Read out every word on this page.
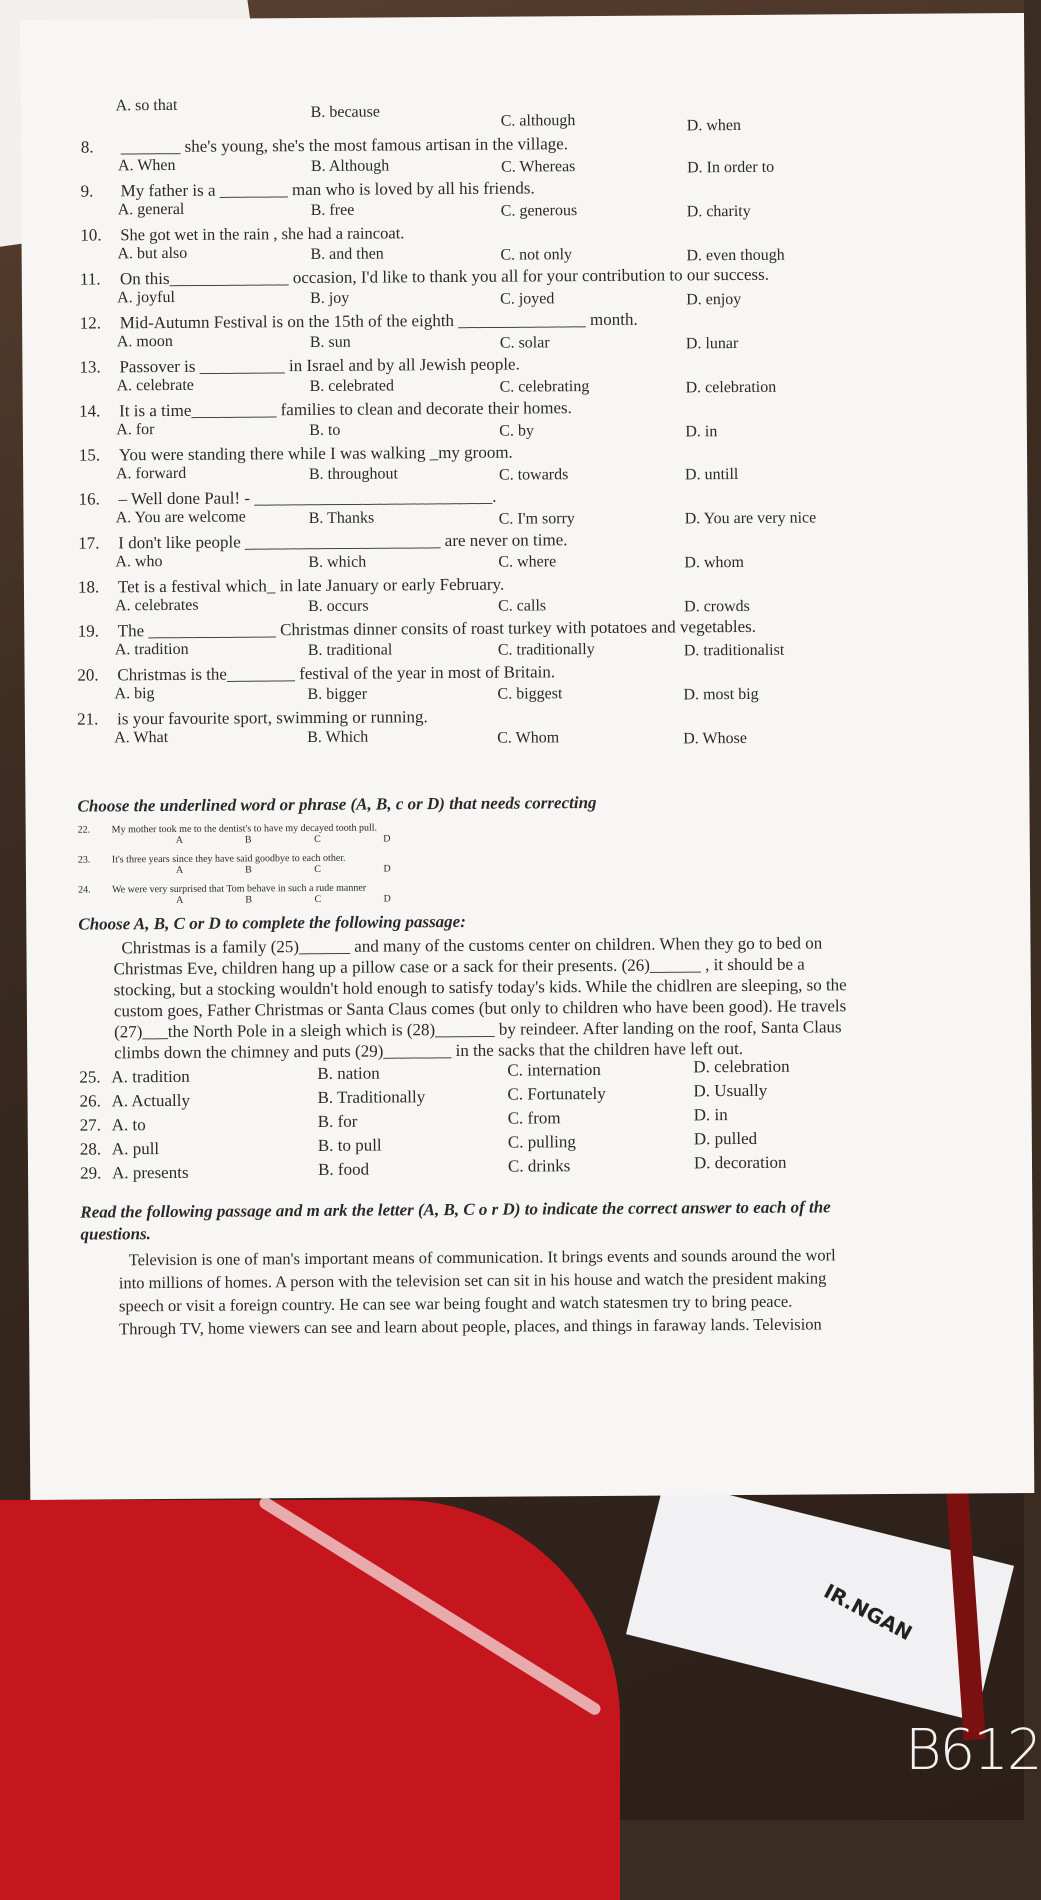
IR.NGAN
B612
A. so that	B. because	C. although	D. when
8. _______ she's young, she's the most famous artisan in the village.
A. When	B. Although	C. Whereas	D. In order to
9. My father is a ________ man who is loved by all his friends.
A. general	B. free	C. generous	D. charity
10. She got wet in the rain , she had a raincoat.
A. but also	B. and then	C. not only	D. even though
11. On this______________ occasion, I'd like to thank you all for your contribution to our success.
A. joyful	B. joy	C. joyed	D. enjoy
12. Mid-Autumn Festival is on the 15th of the eighth _______________ month.
A. moon	B. sun	C. solar	D. lunar
13. Passover is __________ in Israel and by all Jewish people.
A. celebrate	B. celebrated	C. celebrating	D. celebration
14. It is a time__________ families to clean and decorate their homes.
A. for	B. to	C. by	D. in
15. You were standing there while I was walking _my groom.
A. forward	B. throughout	C. towards	D. untill
16. – Well done Paul! - ____________________________.
A. You are welcome	B. Thanks	C. I'm sorry	D. You are very nice
17. I don't like people _______________________ are never on time.
A. who	B. which	C. where	D. whom
18. Tet is a festival which_ in late January or early February.
A. celebrates	B. occurs	C. calls	D. crowds
19. The _______________ Christmas dinner consits of roast turkey with potatoes and vegetables.
A. tradition	B. traditional	C. traditionally	D. traditionalist
20. Christmas is the________ festival of the year in most of Britain.
A. big	B. bigger	C. biggest	D. most big
21. is your favourite sport, swimming or running.
A. What	B. Which	C. Whom	D. Whose
Choose the underlined word or phrase (A, B, c or D) that needs correcting
22. My mother took me to the dentist's to have my decayed tooth pull.
A B C D
23. It's three years since they have said goodbye to each other.
A B C D
24. We were very surprised that Tom behave in such a rude manner
A B C D
Choose A, B, C or D to complete the following passage:
Christmas is a family (25)______ and many of the customs center on children. When they go to bed on
Christmas Eve, children hang up a pillow case or a sack for their presents. (26)______ , it should be a
stocking, but a stocking wouldn't hold enough to satisfy today's kids. While the chidlren are sleeping, so the
custom goes, Father Christmas or Santa Claus comes (but only to children who have been good). He travels
(27)___the North Pole in a sleigh which is (28)_______ by reindeer. After landing on the roof, Santa Claus
climbs down the chimney and puts (29)________ in the sacks that the children have left out.
25. A. tradition	B. nation	C. internation	D. celebration
26. A. Actually	B. Traditionally	C. Fortunately	D. Usually
27. A. to	B. for	C. from	D. in
28. A. pull	B. to pull	C. pulling	D. pulled
29. A. presents	B. food	C. drinks	D. decoration
Read the following passage and m ark the letter (A, B, C o r D) to indicate the correct answer to each of the
questions.
Television is one of man's important means of communication. It brings events and sounds around the worl
into millions of homes. A person with the television set can sit in his house and watch the president making
speech or visit a foreign country. He can see war being fought and watch statesmen try to bring peace.
Through TV, home viewers can see and learn about people, places, and things in faraway lands. Television
